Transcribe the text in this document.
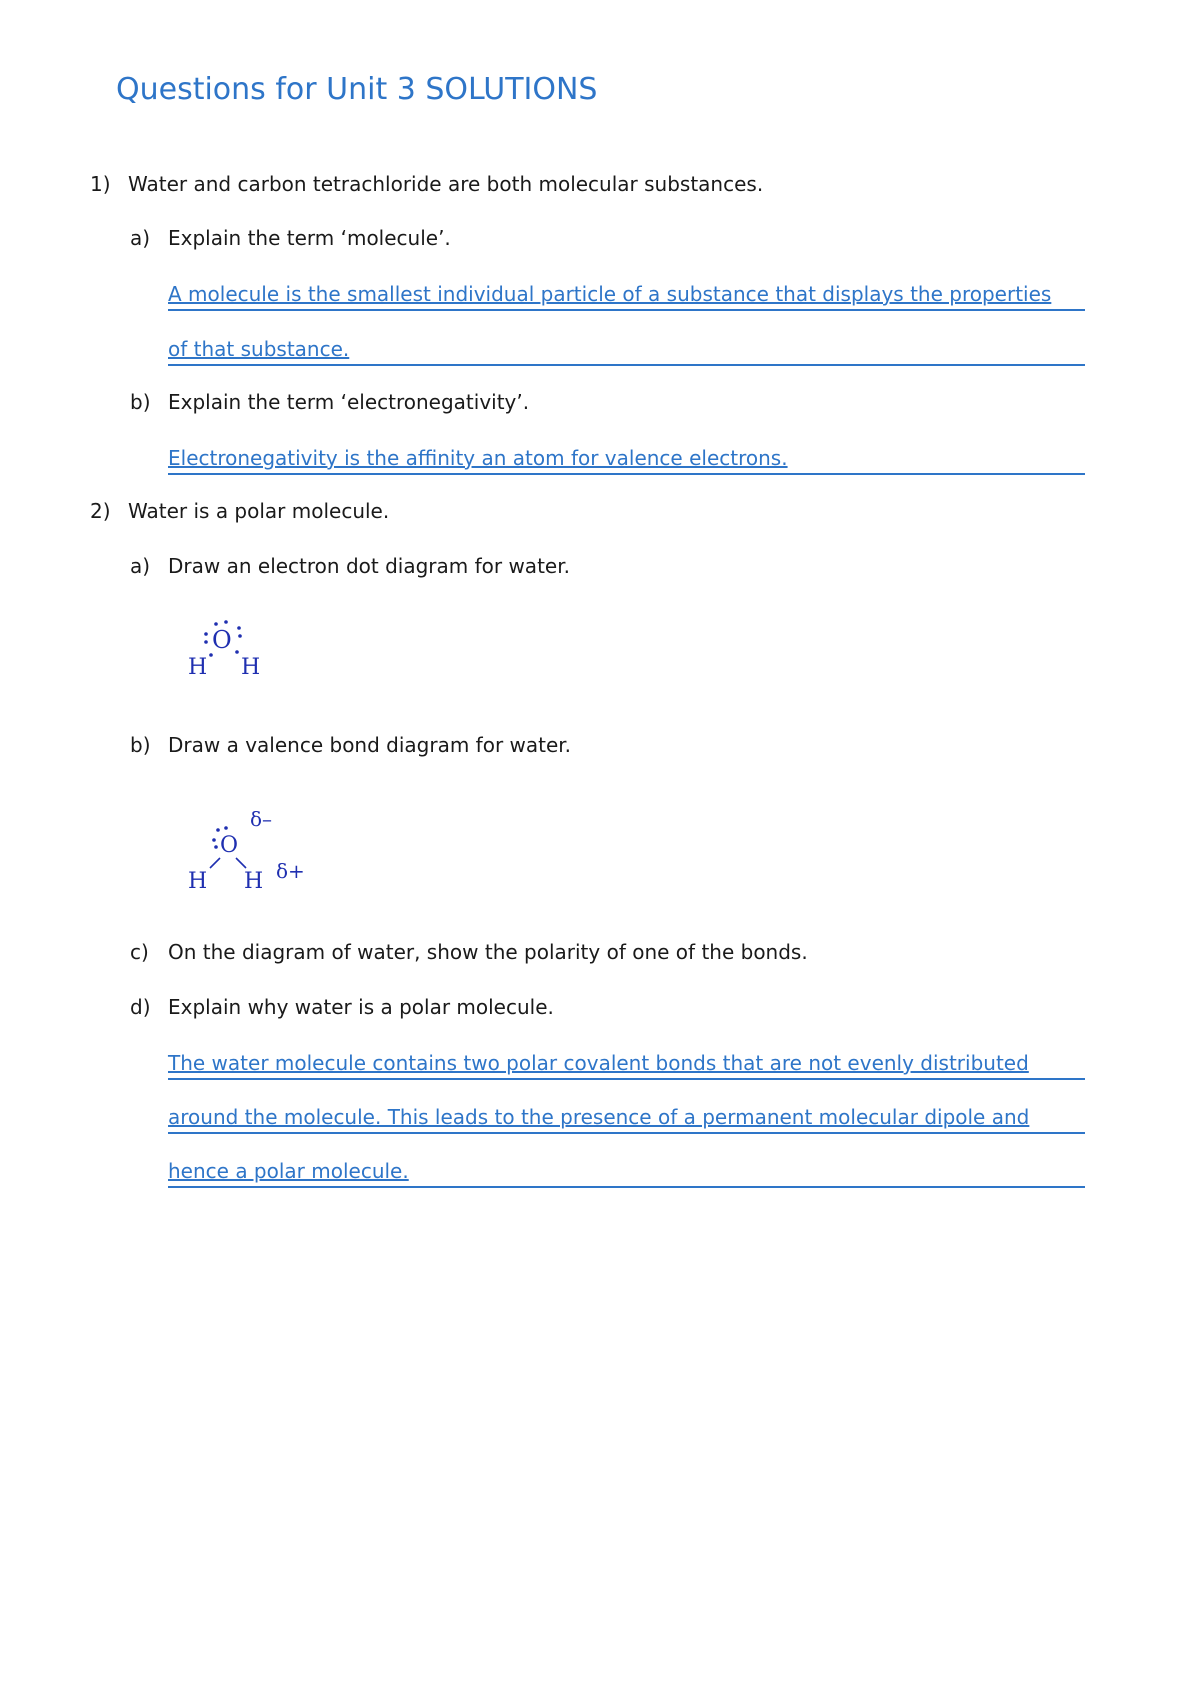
Questions for Unit 3 SOLUTIONS
1) Water and carbon tetrachloride are both molecular substances.
a) Explain the term ‘molecule’.
A molecule is the smallest individual particle of a substance that displays the properties
of that substance.
b) Explain the term ‘electronegativity’.
Electronegativity is the affinity an atom for valence electrons.
2) Water is a polar molecule.
a) Draw an electron dot diagram for water.
O
H H
b) Draw a valence bond diagram for water.
O
H H
δ–
δ+
c) On the diagram of water, show the polarity of one of the bonds.
d) Explain why water is a polar molecule.
The water molecule contains two polar covalent bonds that are not evenly distributed
around the molecule. This leads to the presence of a permanent molecular dipole and
hence a polar molecule.
